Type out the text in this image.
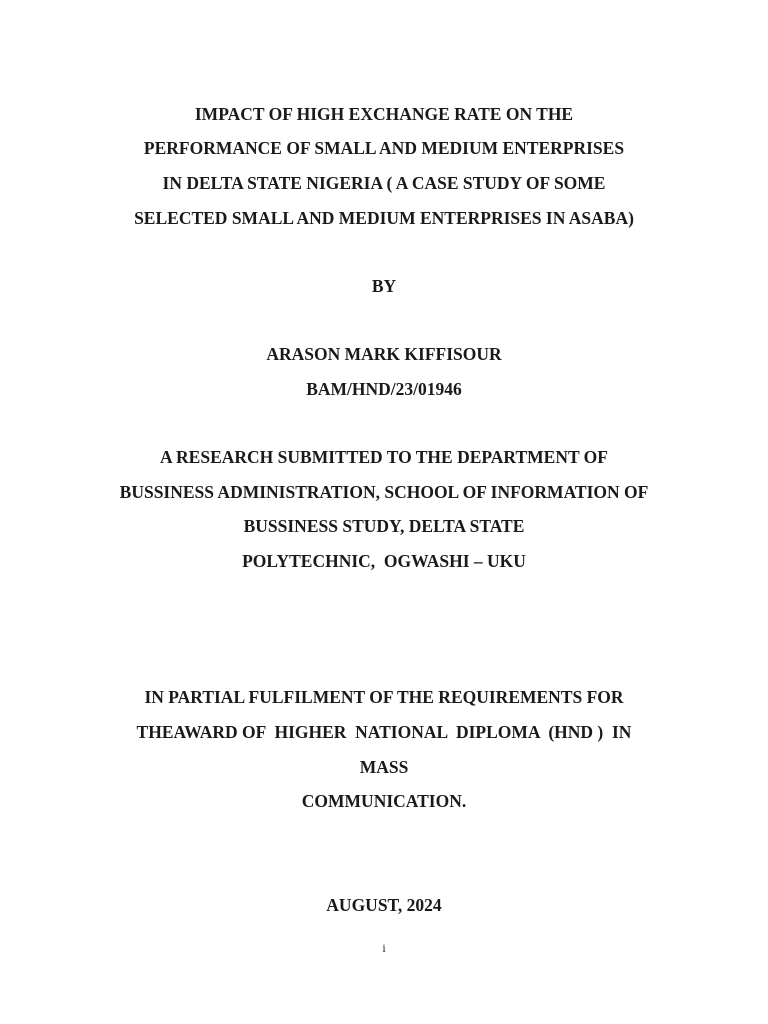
IMPACT OF HIGH EXCHANGE RATE ON THE
PERFORMANCE OF SMALL AND MEDIUM ENTERPRISES
IN DELTA STATE NIGERIA ( A CASE STUDY OF SOME
SELECTED SMALL AND MEDIUM ENTERPRISES IN ASABA)
BY
ARASON MARK KIFFISOUR
BAM/HND/23/01946
A RESEARCH SUBMITTED TO THE DEPARTMENT OF
BUSSINESS ADMINISTRATION, SCHOOL OF INFORMATION OF
BUSSINESS STUDY, DELTA STATE
POLYTECHNIC,  OGWASHI – UKU
IN PARTIAL FULFILMENT OF THE REQUIREMENTS FOR
THEAWARD OF  HIGHER  NATIONAL  DIPLOMA  (HND )  IN
MASS
COMMUNICATION.
AUGUST, 2024
i
